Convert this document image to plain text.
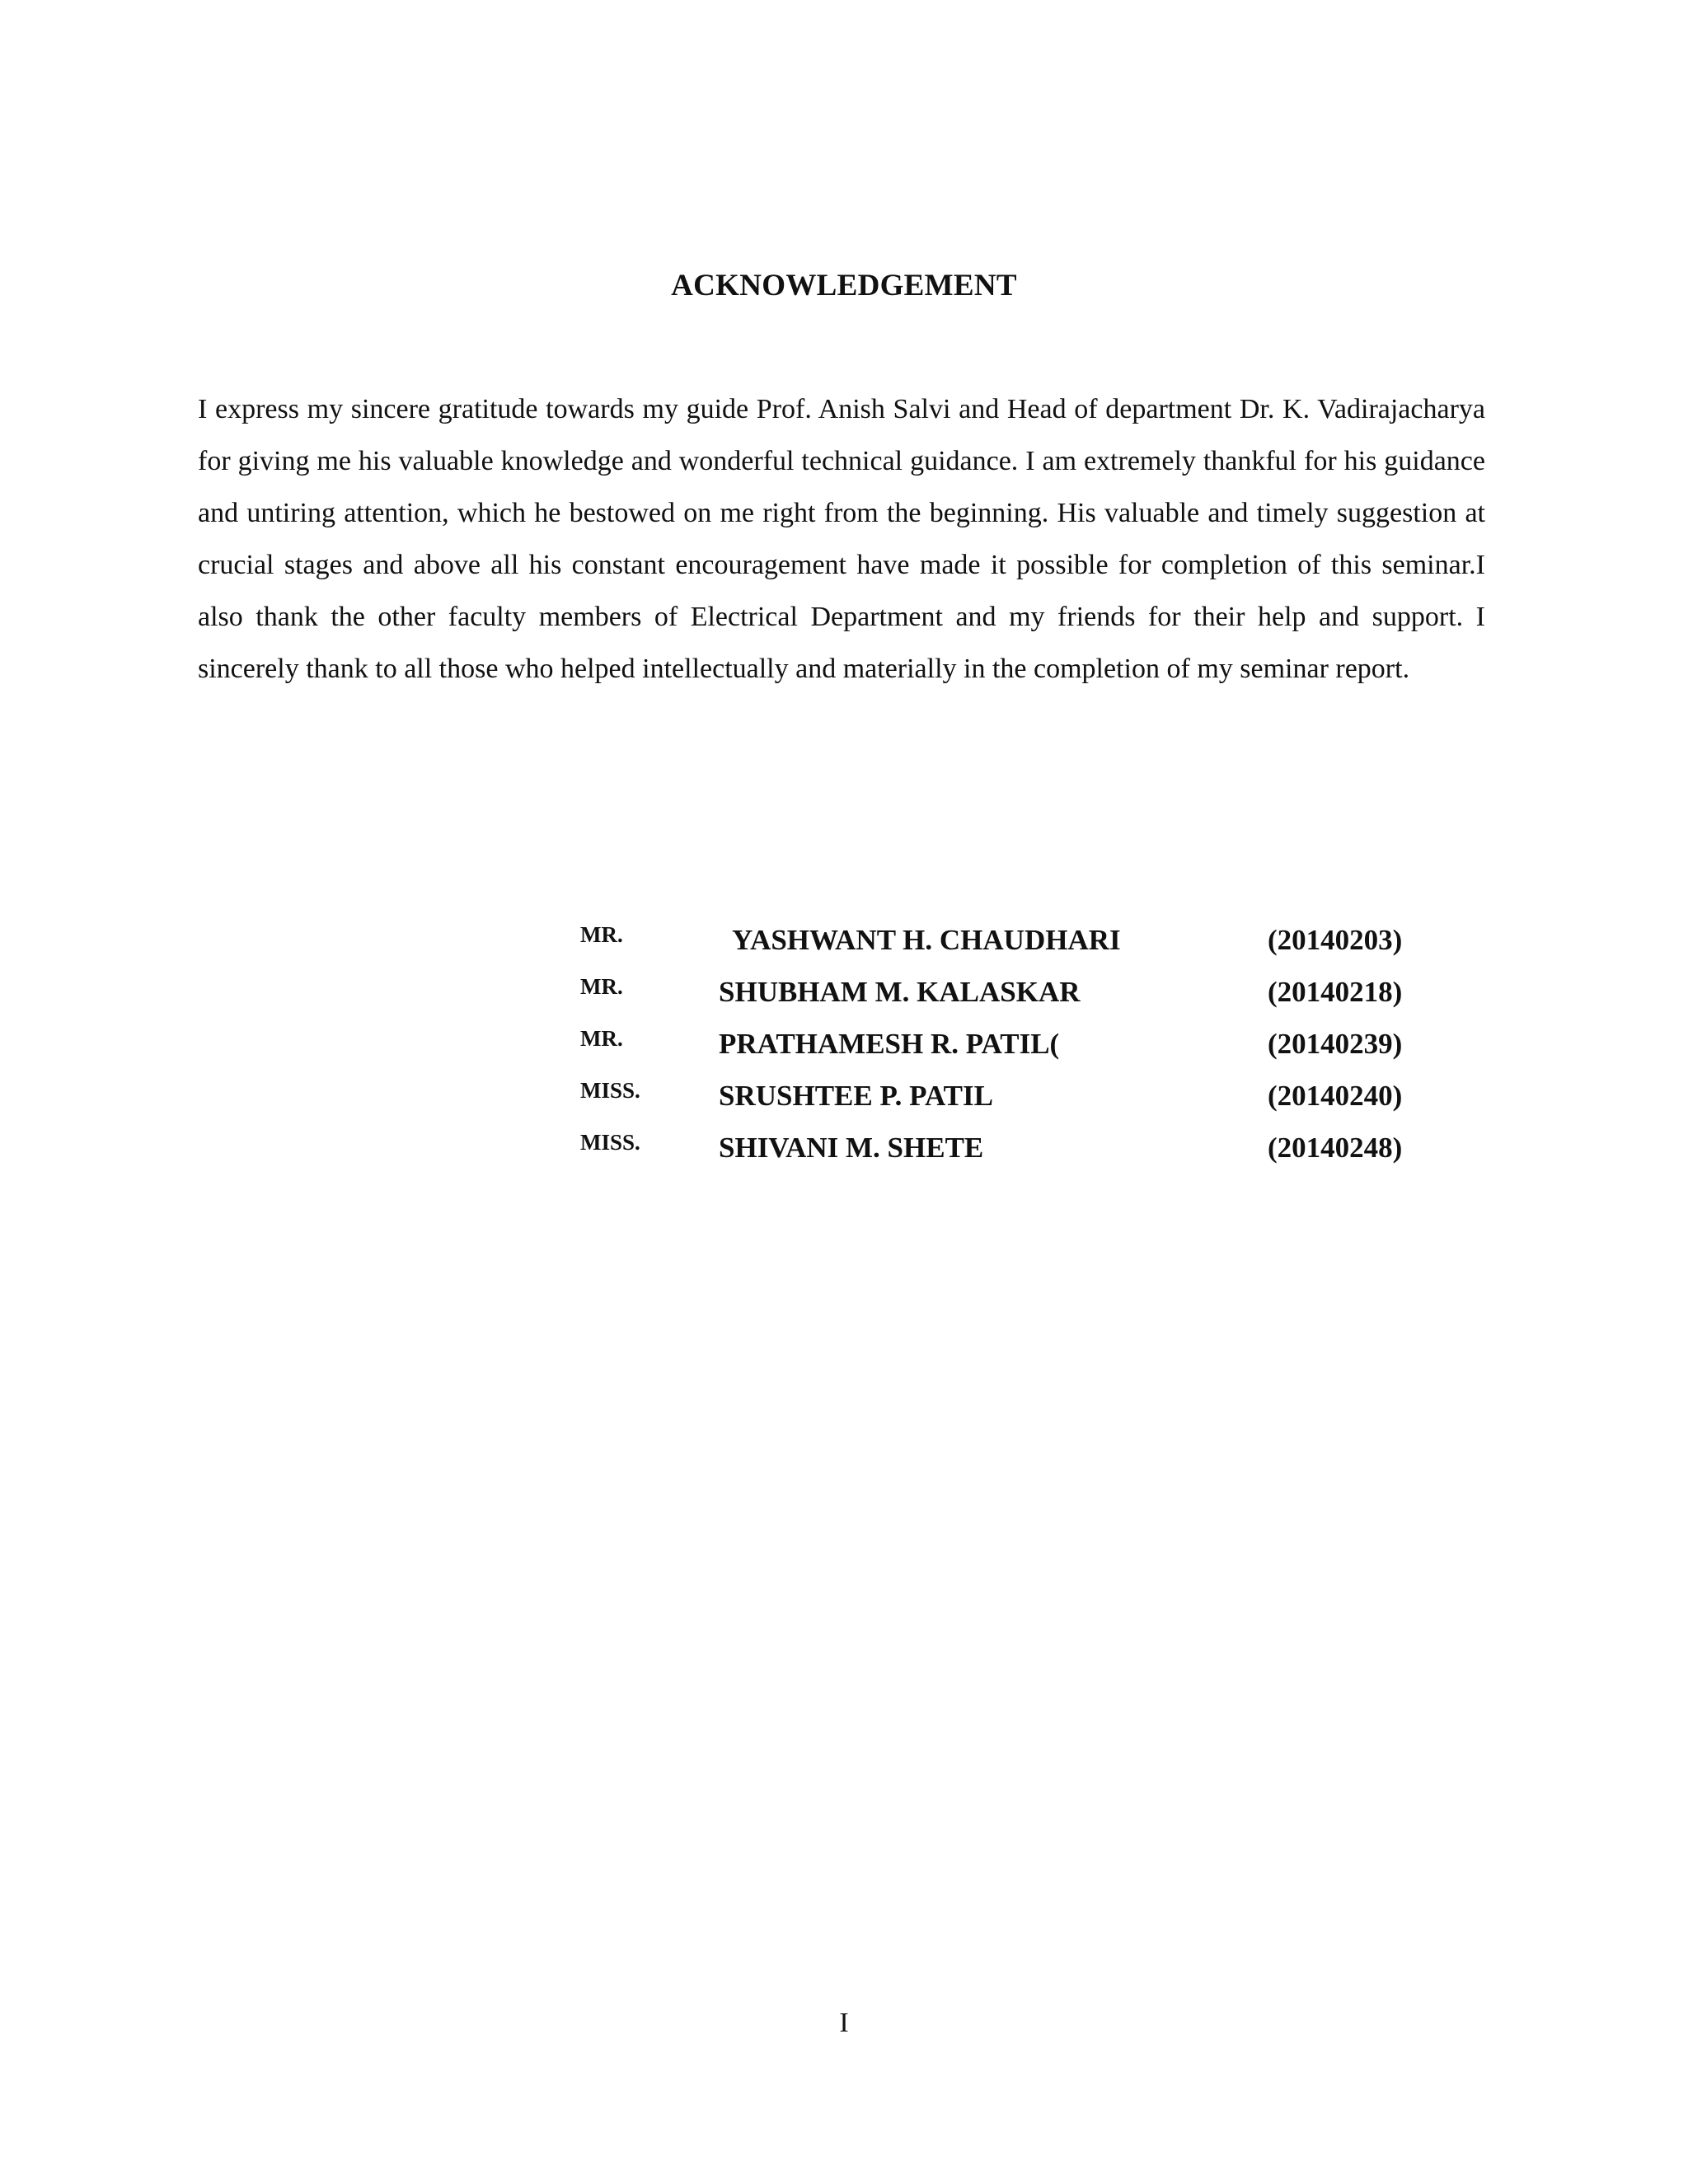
ACKNOWLEDGEMENT

I express my sincere gratitude towards my guide Prof. Anish Salvi and Head of department Dr. K. Vadirajacharya for giving me his valuable knowledge and wonderful technical guidance. I am extremely thankful for his guidance and untiring attention, which he bestowed on me right from the beginning. His valuable and timely suggestion at crucial stages and above all his constant encouragement have made it possible for completion of this seminar.I also thank the other faculty members of Electrical Department and my friends for their help and support. I sincerely thank to all those who helped intellectually and materially in the completion of my seminar report.

MR.	YASHWANT H. CHAUDHARI	(20140203)
MR.	SHUBHAM M. KALASKAR	(20140218)
MR.	PRATHAMESH R. PATIL(	(20140239)
MISS.	SRUSHTEE P. PATIL	(20140240)
MISS.	SHIVANI M. SHETE	(20140248)
I
